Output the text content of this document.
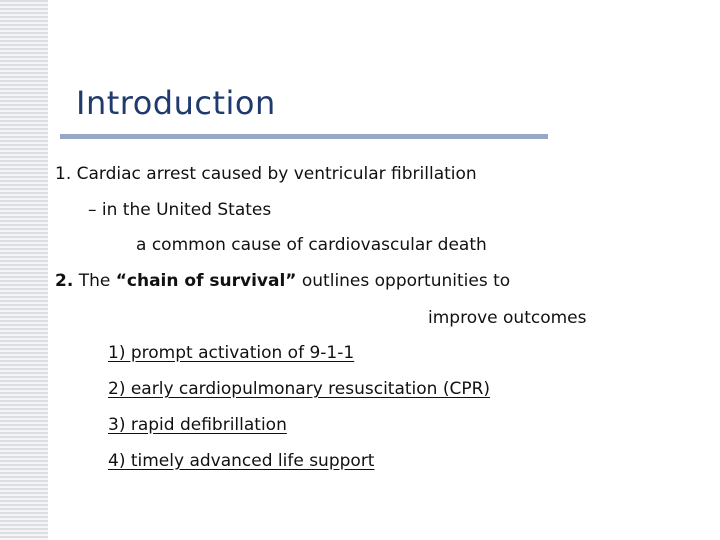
Introduction
1. Cardiac arrest caused by ventricular fibrillation
– in the United States
a common cause of cardiovascular death
2. The “chain of survival” outlines opportunities to
improve outcomes
1) prompt activation of 9-1-1
2) early cardiopulmonary resuscitation (CPR)
3) rapid defibrillation
4) timely advanced life support
